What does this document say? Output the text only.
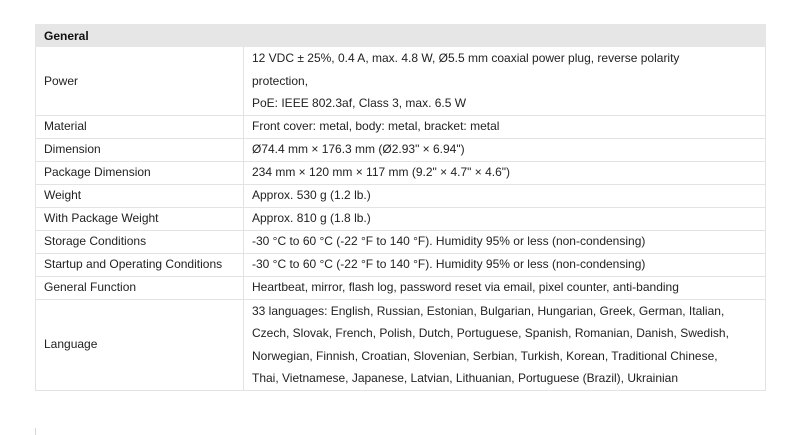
General	
Power	12 VDC ± 25%, 0.4 A, max. 4.8 W, Ø5.5 mm coaxial power plug, reverse polarity
protection,
PoE: IEEE 802.3af, Class 3, max. 6.5 W

Material	Front cover: metal, body: metal, bracket: metal

Dimension	Ø74.4 mm × 176.3 mm (Ø2.93" × 6.94")

Package Dimension	234 mm × 120 mm × 117 mm (9.2" × 4.7" × 4.6")

Weight	Approx. 530 g (1.2 lb.)

With Package Weight	Approx. 810 g (1.8 lb.)

Storage Conditions	-30 °C to 60 °C (-22 °F to 140 °F). Humidity 95% or less (non-condensing)

Startup and Operating Conditions	-30 °C to 60 °C (-22 °F to 140 °F). Humidity 95% or less (non-condensing)

General Function	Heartbeat, mirror, flash log, password reset via email, pixel counter, anti-banding

Language	33 languages: English, Russian, Estonian, Bulgarian, Hungarian, Greek, German, Italian,
Czech, Slovak, French, Polish, Dutch, Portuguese, Spanish, Romanian, Danish, Swedish,
Norwegian, Finnish, Croatian, Slovenian, Serbian, Turkish, Korean, Traditional Chinese,
Thai, Vietnamese, Japanese, Latvian, Lithuanian, Portuguese (Brazil), Ukrainian
